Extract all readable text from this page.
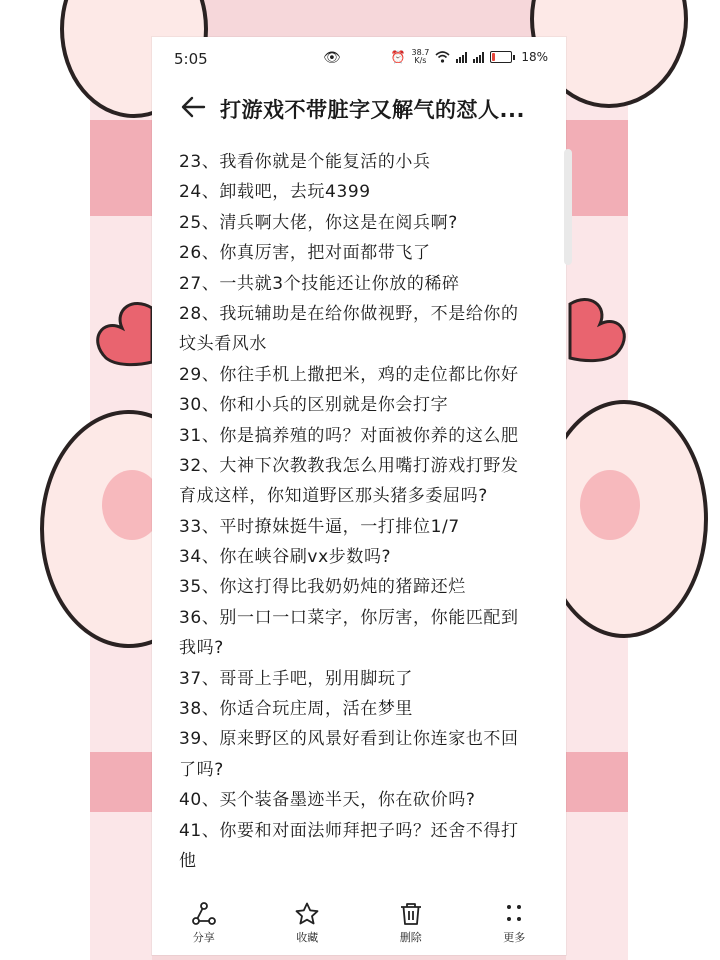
5:05	👁	⏰ 38.7
K/s	18%
打游戏不带脏字又解气的怼人...
23、我看你就是个能复活的小兵
24、卸载吧，去玩4399
25、清兵啊大佬，你这是在阅兵啊?
26、你真厉害，把对面都带飞了
27、一共就3个技能还让你放的稀碎
28、我玩辅助是在给你做视野，不是给你的
坟头看风水
29、你往手机上撒把米，鸡的走位都比你好
30、你和小兵的区别就是你会打字
31、你是搞养殖的吗？对面被你养的这么肥
32、大神下次教教我怎么用嘴打游戏打野发
育成这样，你知道野区那头猪多委屈吗?
33、平时撩妹挺牛逼，一打排位1/7
34、你在峡谷刷vx步数吗?
35、你这打得比我奶奶炖的猪蹄还烂
36、别一口一口菜字，你厉害，你能匹配到
我吗?
37、哥哥上手吧，别用脚玩了
38、你适合玩庄周，活在梦里
39、原来野区的风景好看到让你连家也不回
了吗?
40、买个装备墨迹半天，你在砍价吗?
41、你要和对面法师拜把子吗？还舍不得打
他
分享	收藏	删除	更多
